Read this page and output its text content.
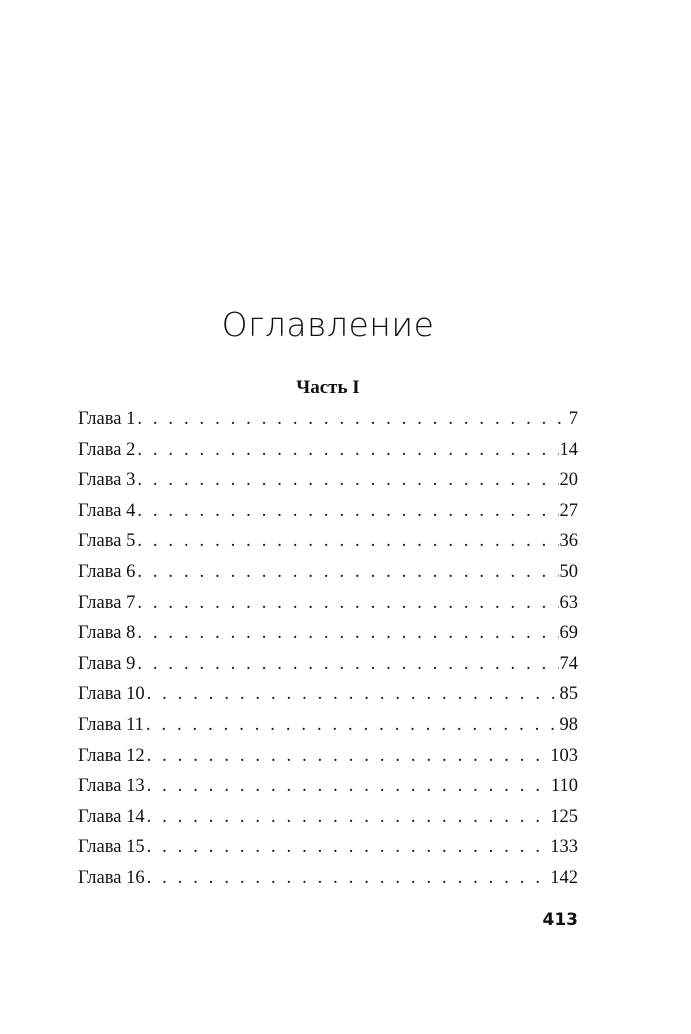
Оглавление
Часть I
Глава 1 . . .	7
Глава 2 . . .	14
Глава 3 . . .	20
Глава 4 . . .	27
Глава 5 . . .	36
Глава 6 . . .	50
Глава 7 . . .	63
Глава 8 . . .	69
Глава 9 . . .	74
Глава 10 . . .	85
Глава 11 . . .	98
Глава 12 . . .	103
Глава 13 . . .	110
Глава 14 . . .	125
Глава 15 . . .	133
Глава 16 . . .	142
413
